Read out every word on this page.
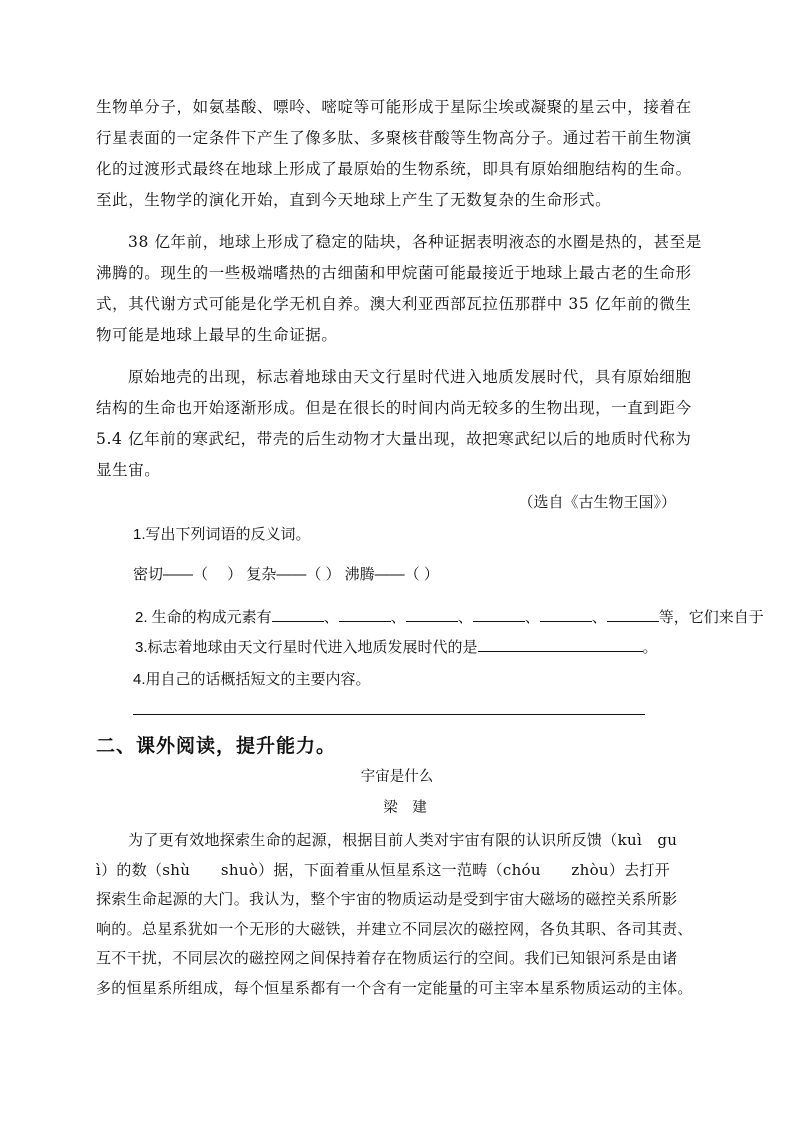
生物单分子，如氨基酸、嘌呤、嘧啶等可能形成于星际尘埃或凝聚的星云中，接着在
行星表面的一定条件下产生了像多肽、多聚核苷酸等生物高分子。通过若干前生物演
化的过渡形式最终在地球上形成了最原始的生物系统，即具有原始细胞结构的生命。
至此，生物学的演化开始，直到今天地球上产生了无数复杂的生命形式。
38 亿年前，地球上形成了稳定的陆块，各种证据表明液态的水圈是热的，甚至是
沸腾的。现生的一些极端嗜热的古细菌和甲烷菌可能最接近于地球上最古老的生命形
式，其代谢方式可能是化学无机自养。澳大利亚西部瓦拉伍那群中 35 亿年前的微生
物可能是地球上最早的生命证据。
原始地壳的出现，标志着地球由天文行星时代进入地质发展时代，具有原始细胞
结构的生命也开始逐渐形成。但是在很长的时间内尚无较多的生物出现，一直到距今
5.4 亿年前的寒武纪，带壳的后生动物才大量出现，故把寒武纪以后的地质时代称为
显生宙。
（选自《古生物王国》）
1.写出下列词语的反义词。
密切——（　 ） 复杂——（ ） 沸腾——（ ）
2. 生命的构成元素有	、	、	、	、	、	等，它们来自于
3.标志着地球由天文行星时代进入地质发展时代的是	。
4.用自己的话概括短文的主要内容。
二、课外阅读，提升能力。
宇宙是什么
梁　建
为了更有效地探索生命的起源，根据目前人类对宇宙有限的认识所反馈（kuì　gu
ì）的数（shù　　shuò）据，下面着重从恒星系这一范畴（chóu　　zhòu）去打开
探索生命起源的大门。我认为，整个宇宙的物质运动是受到宇宙大磁场的磁控关系所影
响的。总星系犹如一个无形的大磁铁，并建立不同层次的磁控网，各负其职、各司其责、
互不干扰，不同层次的磁控网之间保持着存在物质运行的空间。我们已知银河系是由诸
多的恒星系所组成，每个恒星系都有一个含有一定能量的可主宰本星系物质运动的主体。
